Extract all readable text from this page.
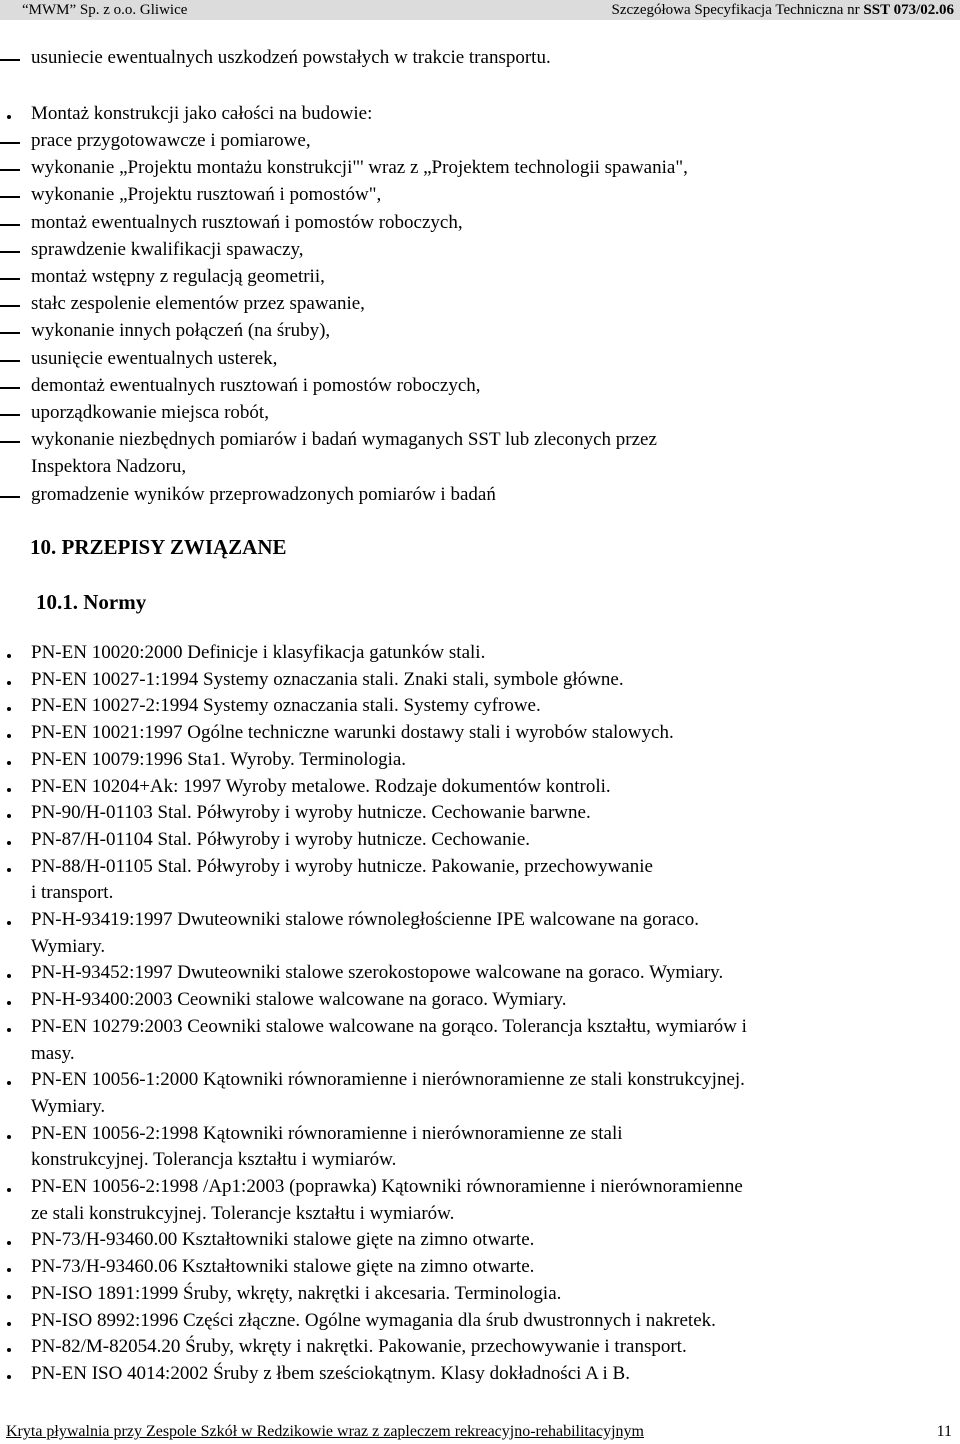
“MWM” Sp. z o.o. Gliwice	Szczegółowa Specyfikacja Techniczna nr SST 073/02.06
usuniecie ewentualnych uszkodzeń powstałych w trakcie transportu.
Montaż konstrukcji jako całości na budowie:
prace przygotowawcze i pomiarowe,
wykonanie „Projektu montażu konstrukcji"' wraz z „Projektem technologii spawania",
wykonanie „Projektu rusztowań i pomostów",
montaż ewentualnych rusztowań i pomostów roboczych,
sprawdzenie kwalifikacji spawaczy,
montaż wstępny z regulacją geometrii,
stałc zespolenie elementów przez spawanie,
wykonanie innych połączeń (na śruby),
usunięcie ewentualnych usterek,
demontaż ewentualnych rusztowań i pomostów roboczych,
uporządkowanie miejsca robót,
wykonanie niezbędnych pomiarów i badań wymaganych SST lub zleconych przez
Inspektora Nadzoru,
gromadzenie wyników przeprowadzonych pomiarów i badań
PN-EN 10020:2000 Definicje i klasyfikacja gatunków stali.
PN-EN 10027-1:1994 Systemy oznaczania stali. Znaki stali, symbole główne.
PN-EN 10027-2:1994 Systemy oznaczania stali. Systemy cyfrowe.
PN-EN 10021:1997 Ogólne techniczne warunki dostawy stali i wyrobów stalowych.
PN-EN 10079:1996 Sta1. Wyroby. Terminologia.
PN-EN 10204+Ak: 1997 Wyroby metalowe. Rodzaje dokumentów kontroli.
PN-90/H-01103 Stal. Półwyroby i wyroby hutnicze. Cechowanie barwne.
PN-87/H-01104 Stal. Półwyroby i wyroby hutnicze. Cechowanie.
PN-88/H-01105 Stal. Półwyroby i wyroby hutnicze. Pakowanie, przechowywanie
i transport.
PN-H-93419:1997 Dwuteowniki stalowe równoległościenne IPE walcowane na goraco.
Wymiary.
PN-H-93452:1997 Dwuteowniki stalowe szerokostopowe walcowane na goraco. Wymiary.
PN-H-93400:2003 Ceowniki stalowe walcowane na goraco. Wymiary.
PN-EN 10279:2003 Ceowniki stalowe walcowane na gorąco. Tolerancja kształtu, wymiarów i
masy.
PN-EN 10056-1:2000 Kątowniki równoramienne i nierównoramienne ze stali konstrukcyjnej.
Wymiary.
PN-EN 10056-2:1998 Kątowniki równoramienne i nierównoramienne ze stali
konstrukcyjnej. Tolerancja kształtu i wymiarów.
PN-EN 10056-2:1998 /Ap1:2003 (poprawka) Kątowniki równoramienne i nierównoramienne
ze stali konstrukcyjnej. Tolerancje kształtu i wymiarów.
PN-73/H-93460.00 Kształtowniki stalowe gięte na zimno otwarte.
PN-73/H-93460.06 Kształtowniki stalowe gięte na zimno otwarte.
PN-ISO 1891:1999 Śruby, wkręty, nakrętki i akcesaria. Terminologia.
PN-ISO 8992:1996 Części złączne. Ogólne wymagania dla śrub dwustronnych i nakretek.
PN-82/M-82054.20 Śruby, wkręty i nakrętki. Pakowanie, przechowywanie i transport.
PN-EN ISO 4014:2002 Śruby z łbem sześciokątnym. Klasy dokładności A i B.
10. PRZEPISY ZWIĄZANE
10.1. Normy
Kryta pływalnia przy Zespole Szkół w Redzikowie wraz z zapleczem rekreacyjno-rehabilitacyjnym	11
